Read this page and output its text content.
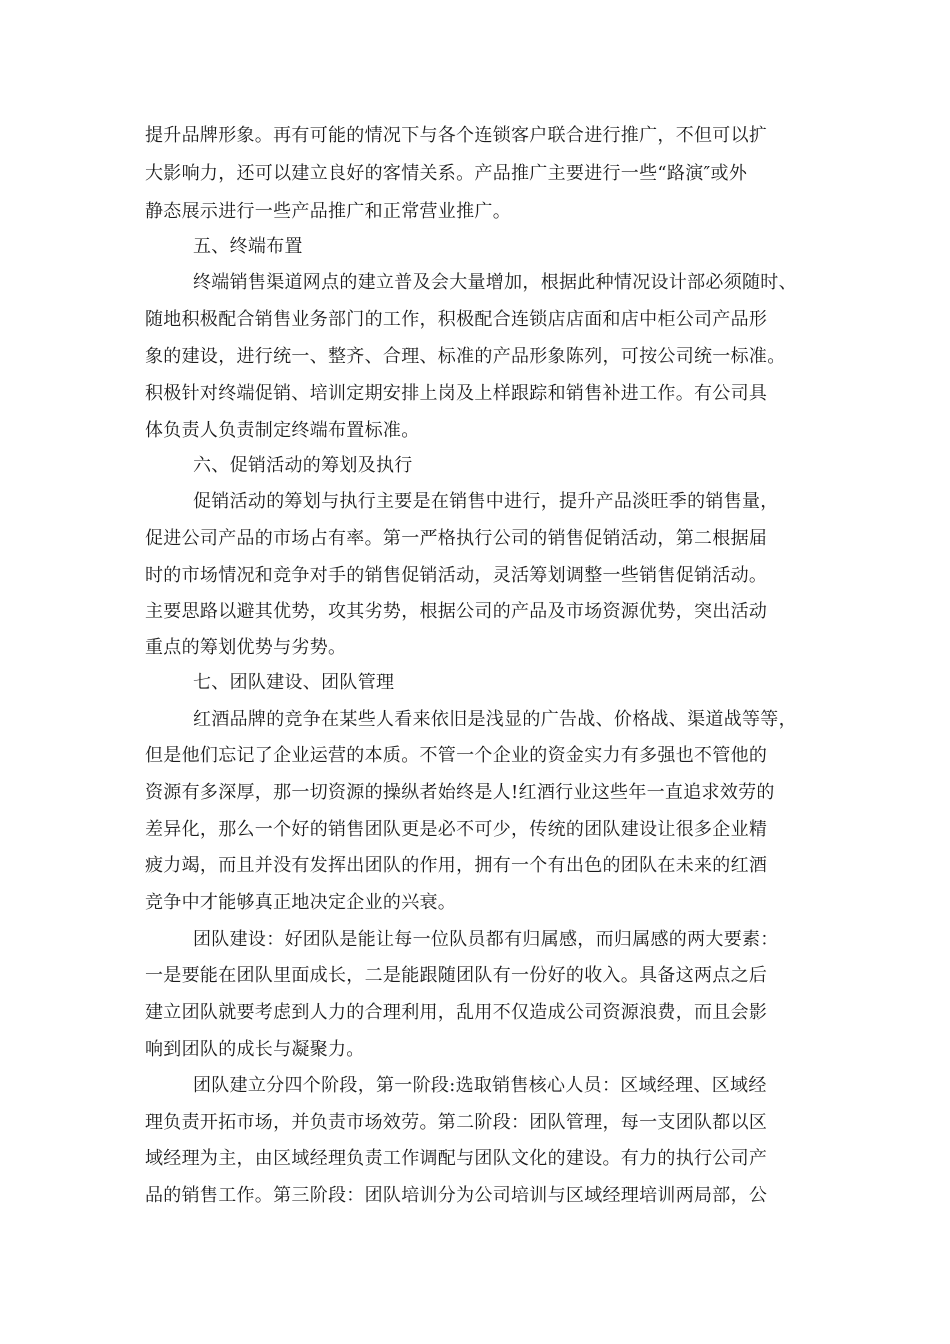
提升品牌形象。再有可能的情况下与各个连锁客户联合进行推广，不但可以扩
大影响力，还可以建立良好的客情关系。产品推广主要进行一些“路演″或外
静态展示进行一些产品推广和正常营业推广。
五、终端布置
终端销售渠道网点的建立普及会大量增加，根据此种情况设计部必须随时、
随地积极配合销售业务部门的工作，积极配合连锁店店面和店中柜公司产品形
象的建设，进行统一、整齐、合理、标准的产品形象陈列，可按公司统一标准。
积极针对终端促销、培训定期安排上岗及上样跟踪和销售补进工作。有公司具
体负责人负责制定终端布置标准。
六、促销活动的筹划及执行
促销活动的筹划与执行主要是在销售中进行，提升产品淡旺季的销售量，
促进公司产品的市场占有率。第一严格执行公司的销售促销活动，第二根据届
时的市场情况和竞争对手的销售促销活动，灵活筹划调整一些销售促销活动。
主要思路以避其优势，攻其劣势，根据公司的产品及市场资源优势，突出活动
重点的筹划优势与劣势。
七、团队建设、团队管理
红酒品牌的竞争在某些人看来依旧是浅显的广告战、价格战、渠道战等等，
但是他们忘记了企业运营的本质。不管一个企业的资金实力有多强也不管他的
资源有多深厚，那一切资源的操纵者始终是人!红酒行业这些年一直追求效劳的
差异化，那么一个好的销售团队更是必不可少，传统的团队建设让很多企业精
疲力竭，而且并没有发挥出团队的作用，拥有一个有出色的团队在未来的红酒
竞争中才能够真正地决定企业的兴衰。
团队建设：好团队是能让每一位队员都有归属感，而归属感的两大要素：
一是要能在团队里面成长，二是能跟随团队有一份好的收入。具备这两点之后
建立团队就要考虑到人力的合理利用，乱用不仅造成公司资源浪费，而且会影
响到团队的成长与凝聚力。
团队建立分四个阶段，第一阶段:选取销售核心人员：区域经理、区域经
理负责开拓市场，并负责市场效劳。第二阶段：团队管理，每一支团队都以区
域经理为主，由区域经理负责工作调配与团队文化的建设。有力的执行公司产
品的销售工作。第三阶段：团队培训分为公司培训与区域经理培训两局部，公
